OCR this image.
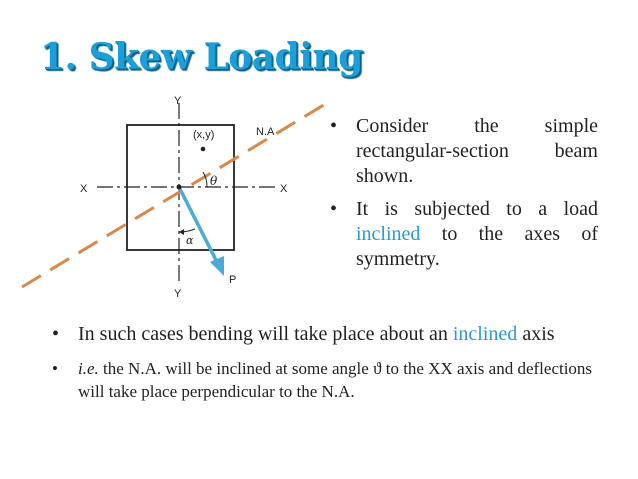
1. Skew Loading
Y
Y
X	X
(x,y)	N.A
θ
α
P
• Consider the simple rectangular-section beam shown.
• It is subjected to a load inclined to the axes of symmetry.
• In such cases bending will take place about an inclined axis
• i.e. the N.A. will be inclined at some angle ϑ to the XX axis and deflections will take place perpendicular to the N.A.
